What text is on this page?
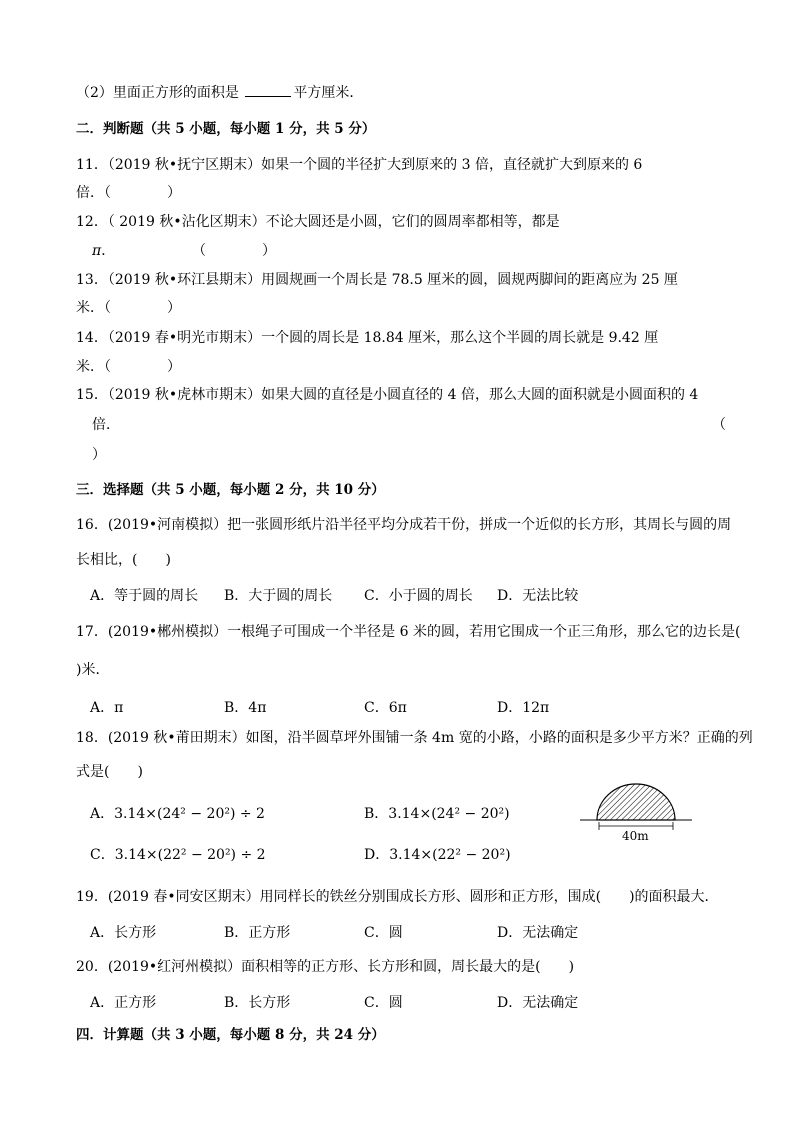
（2）里面正方形的面积是	平方厘米．
二．判断题（共 5 小题，每小题 1 分，共 5 分）
11．（2019 秋•抚宁区期末）如果一个圆的半径扩大到原来的 3 倍，直径就扩大到原来的 6
倍．（　　　　）
12．（ 2019 秋•沾化区期末）不论大圆还是小圆，它们的圆周率都相等，都是
π．	（　　　　）
13．（2019 秋•环江县期末）用圆规画一个周长是 78.5 厘米的圆，圆规两脚间的距离应为 25 厘
米．（　　　　）
14．（2019 春•明光市期末）一个圆的周长是 18.84 厘米，那么这个半圆的周长就是 9.42 厘
米．（　　　　）
15．（2019 秋•虎林市期末）如果大圆的直径是小圆直径的 4 倍，那么大圆的面积就是小圆面积的 4
倍．	（
）
三．选择题（共 5 小题，每小题 2 分，共 10 分）
16．(2019•河南模拟）把一张圆形纸片沿半径平均分成若干份，拼成一个近似的长方形，其周长与圆的周
长相比，(　　)
A．等于圆的周长 B．大于圆的周长 C．小于圆的周长 D．无法比较
17．(2019•郴州模拟）一根绳子可围成一个半径是 6 米的圆，若用它围成一个正三角形，那么它的边长是(
)米．
A．π	B．4π	C．6π	D．12π
18．(2019 秋•莆田期末）如图，沿半圆草坪外围铺一条 4m 宽的小路，小路的面积是多少平方米？正确的列
式是(　　)
A．3.14×(24² − 20²) ÷ 2	B．3.14×(24² − 20²)
C．3.14×(22² − 20²) ÷ 2	D．3.14×(22² − 20²)
40m
19．(2019 春•同安区期末）用同样长的铁丝分别围成长方形、圆形和正方形，围成(　　)的面积最大．
A．长方形	B．正方形	C．圆	D．无法确定
20．(2019•红河州模拟）面积相等的正方形、长方形和圆，周长最大的是(　　)
A．正方形	B．长方形	C．圆	D．无法确定
四．计算题（共 3 小题，每小题 8 分，共 24 分）
